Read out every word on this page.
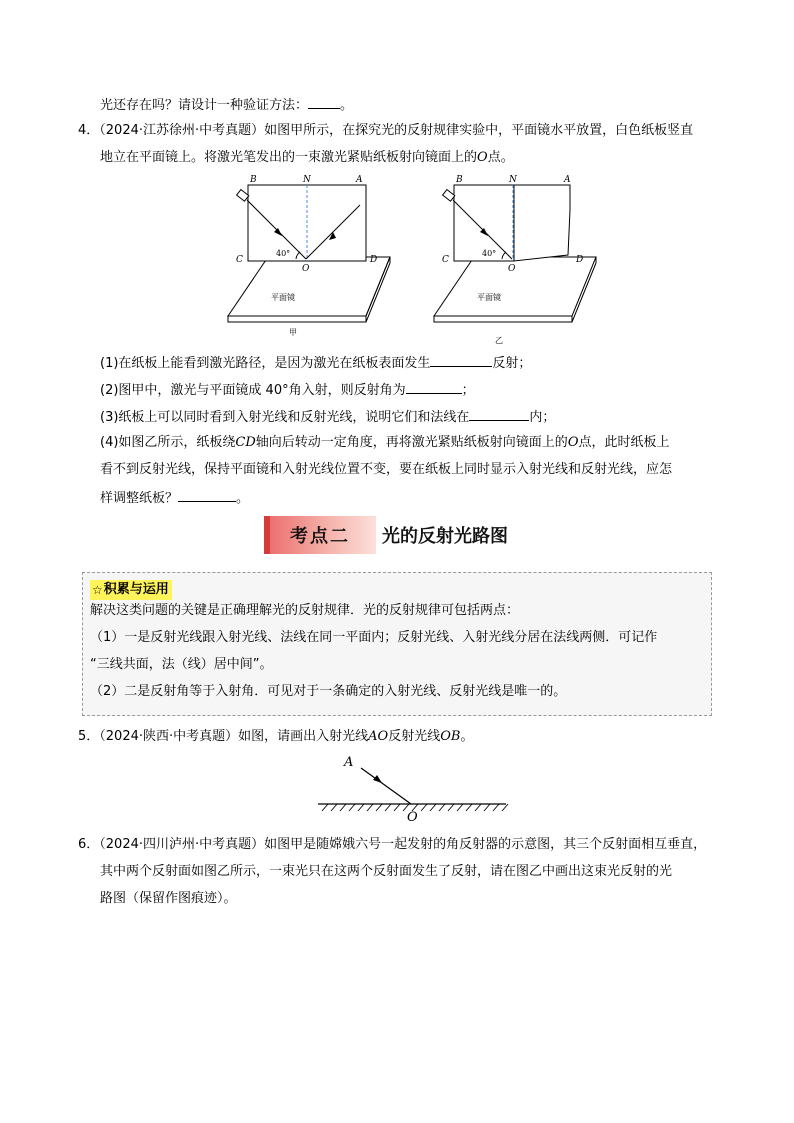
光还存在吗？请设计一种验证方法： 。
4．（2024·江苏徐州·中考真题）如图甲所示，在探究光的反射规律实验中，平面镜水平放置，白色纸板竖直
地立在平面镜上。将激光笔发出的一束激光紧贴纸板射向镜面上的O点。
B	N	A
C
O
D
40°
平面镜
甲
B	N	A
C
O
D
40°
平面镜
乙
(1)在纸板上能看到激光路径，是因为激光在纸板表面发生	反射；
(2)图甲中，激光与平面镜成 40°角入射，则反射角为	；
(3)纸板上可以同时看到入射光线和反射光线，说明它们和法线在	内；
(4)如图乙所示，纸板绕CD轴向后转动一定角度，再将激光紧贴纸板射向镜面上的O点，此时纸板上
看不到反射光线，保持平面镜和入射光线位置不变，要在纸板上同时显示入射光线和反射光线，应怎
样调整纸板？	。
考点二	光的反射光路图
☆ 积累与运用
解决这类问题的关键是正确理解光的反射规律．光的反射规律可包括两点：
（1）一是反射光线跟入射光线、法线在同一平面内；反射光线、入射光线分居在法线两侧．可记作
“三线共面，法（线）居中间”。
（2）二是反射角等于入射角．可见对于一条确定的入射光线、反射光线是唯一的。
5．（2024·陕西·中考真题）如图，请画出入射光线AO反射光线OB。
A
O
6．（2024·四川泸州·中考真题）如图甲是随嫦娥六号一起发射的角反射器的示意图，其三个反射面相互垂直，
其中两个反射面如图乙所示，一束光只在这两个反射面发生了反射，请在图乙中画出这束光反射的光
路图（保留作图痕迹）。
